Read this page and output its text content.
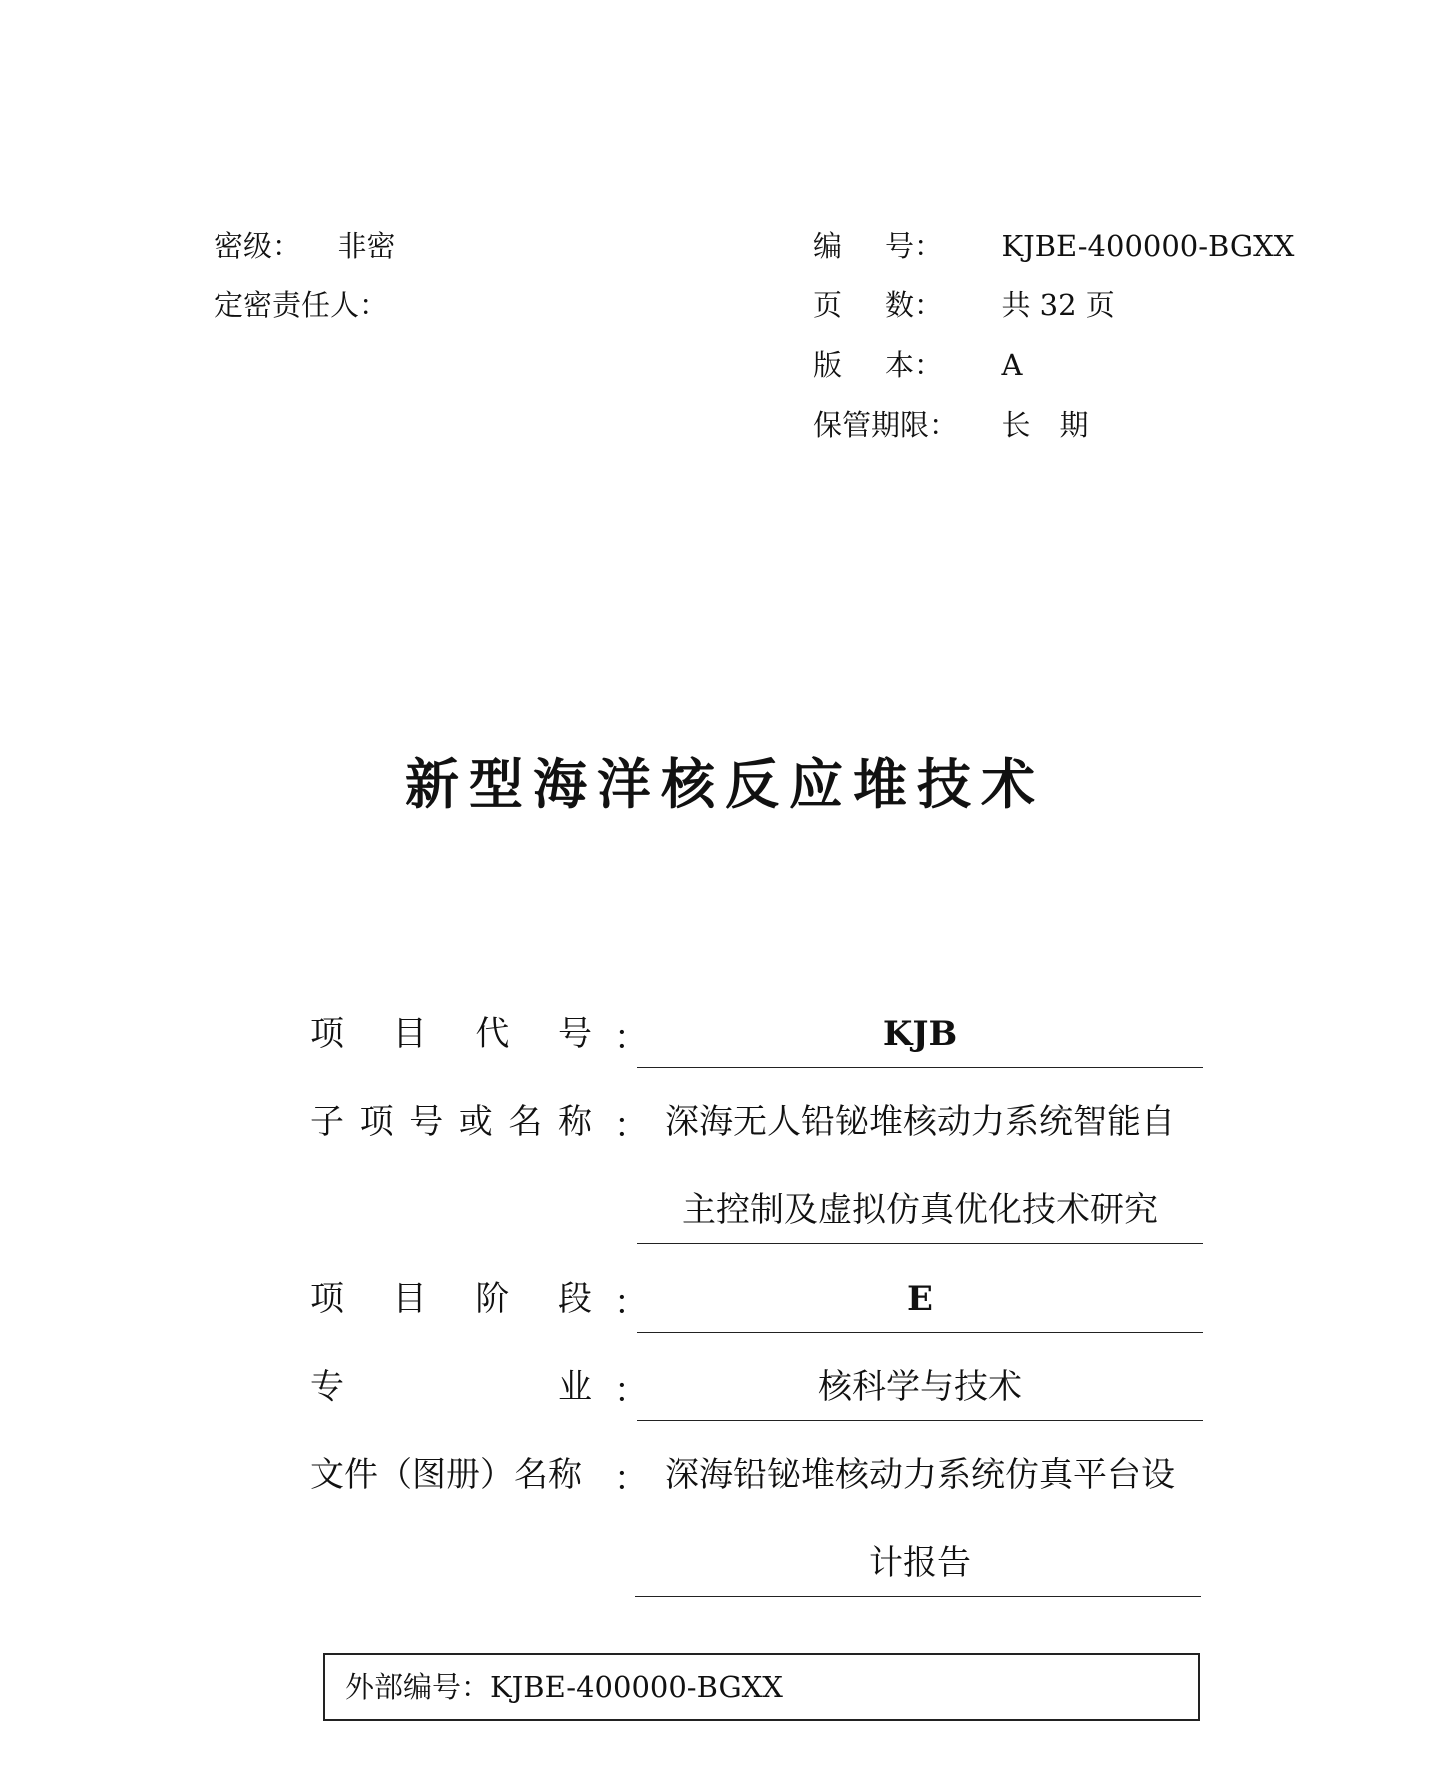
密级： 非密
定密责任人：
编 号： KJBE-400000-BGXX
页 数： 共 32 页
版 本： A
保管期限： 长　期
新型海洋核反应堆技术
项 目 代 号 ：	KJB
子 项 号 或 名 称 ： 深海无人铅铋堆核动力系统智能自
主控制及虚拟仿真优化技术研究
项 目 阶 段 ：	E
专	业 ：	核科学与技术
文件（图册）名称 ： 深海铅铋堆核动力系统仿真平台设
计报告
外部编号：KJBE-400000-BGXX
